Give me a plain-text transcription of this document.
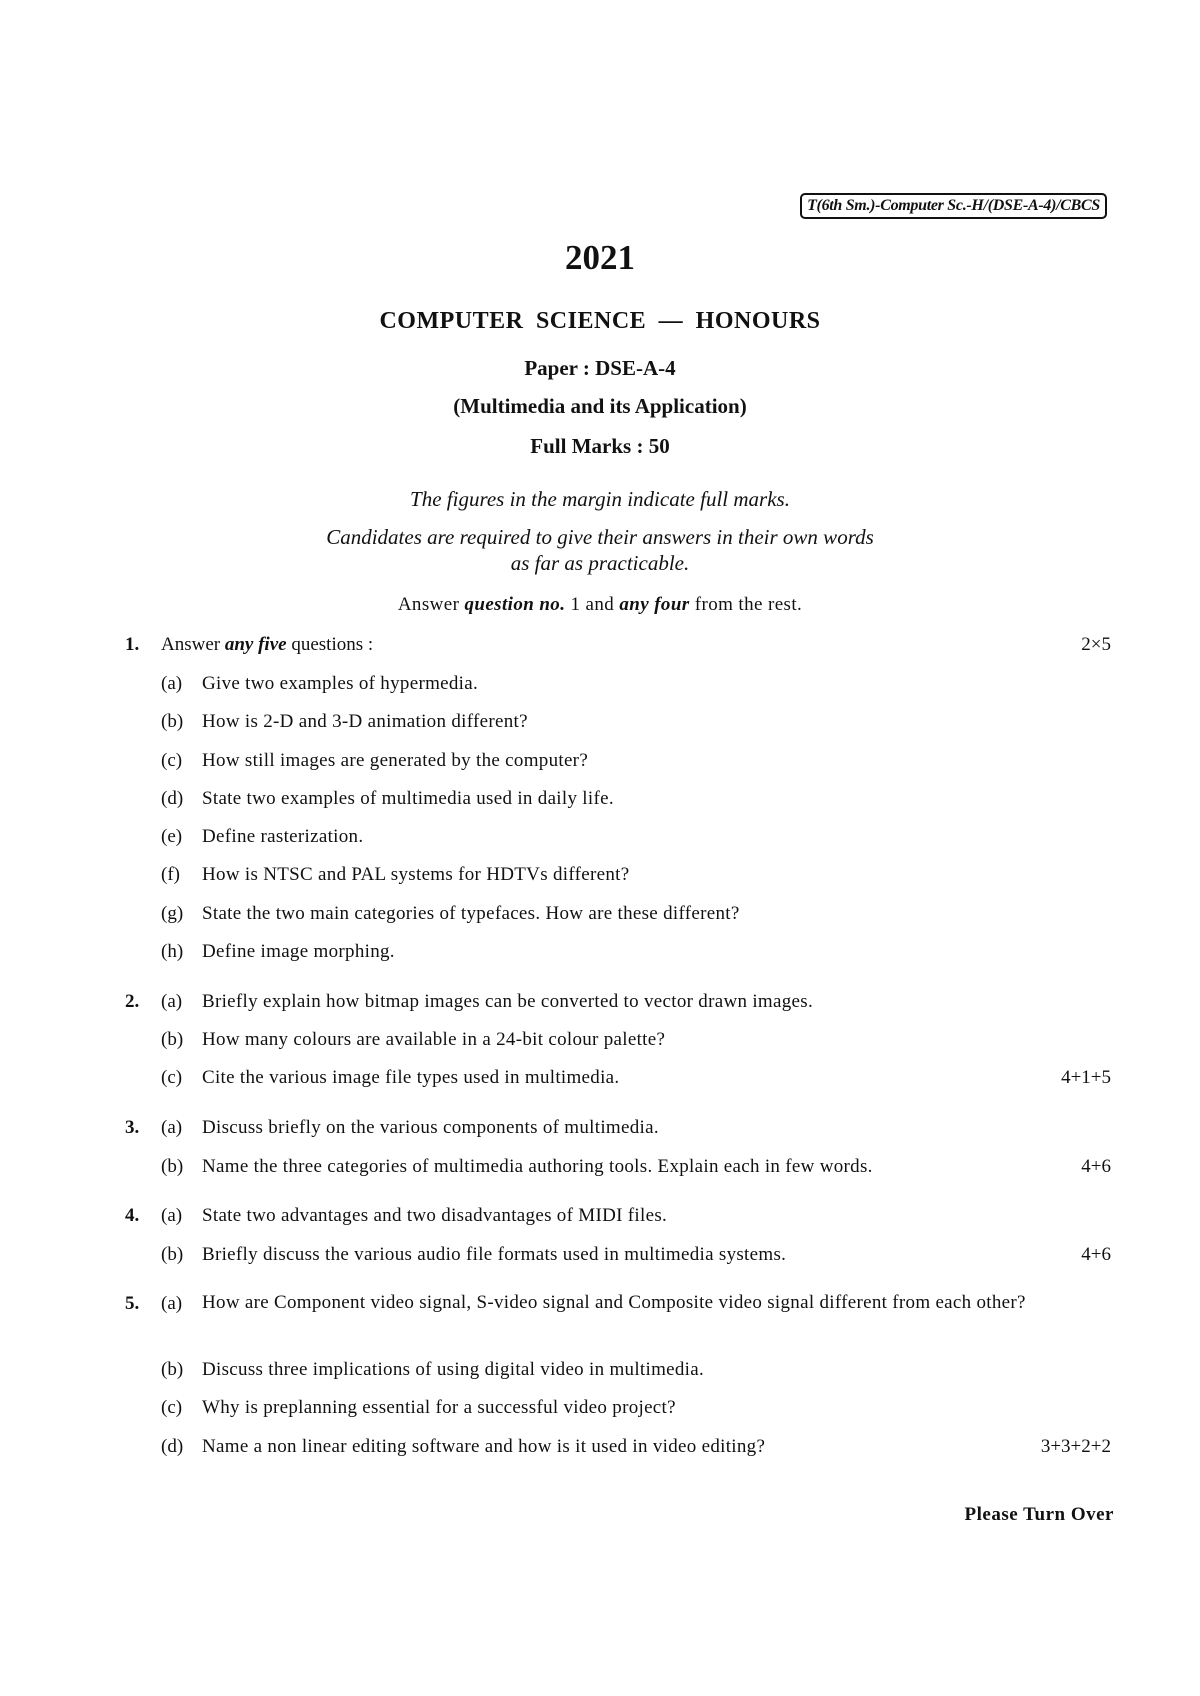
T(6th Sm.)-Computer Sc.-H/(DSE-A-4)/CBCS
2021
COMPUTER SCIENCE — HONOURS
Paper : DSE-A-4
(Multimedia and its Application)
Full Marks : 50
The figures in the margin indicate full marks.
Candidates are required to give their answers in their own words
as far as practicable.
Answer question no. 1 and any four from the rest.
1. Answer any five questions :	2×5
(a) Give two examples of hypermedia.
(b) How is 2-D and 3-D animation different?
(c) How still images are generated by the computer?
(d) State two examples of multimedia used in daily life.
(e) Define rasterization.
(f) How is NTSC and PAL systems for HDTVs different?
(g) State the two main categories of typefaces. How are these different?
(h) Define image morphing.
2. (a) Briefly explain how bitmap images can be converted to vector drawn images.
(b) How many colours are available in a 24-bit colour palette?
(c) Cite the various image file types used in multimedia.	4+1+5
3. (a) Discuss briefly on the various components of multimedia.
(b) Name the three categories of multimedia authoring tools. Explain each in few words.	4+6
4. (a) State two advantages and two disadvantages of MIDI files.
(b) Briefly discuss the various audio file formats used in multimedia systems.	4+6
5. (a) How are Component video signal, S-video signal and Composite video signal different from each other?
(b) Discuss three implications of using digital video in multimedia.
(c) Why is preplanning essential for a successful video project?
(d) Name a non linear editing software and how is it used in video editing?	3+3+2+2
Please Turn Over
